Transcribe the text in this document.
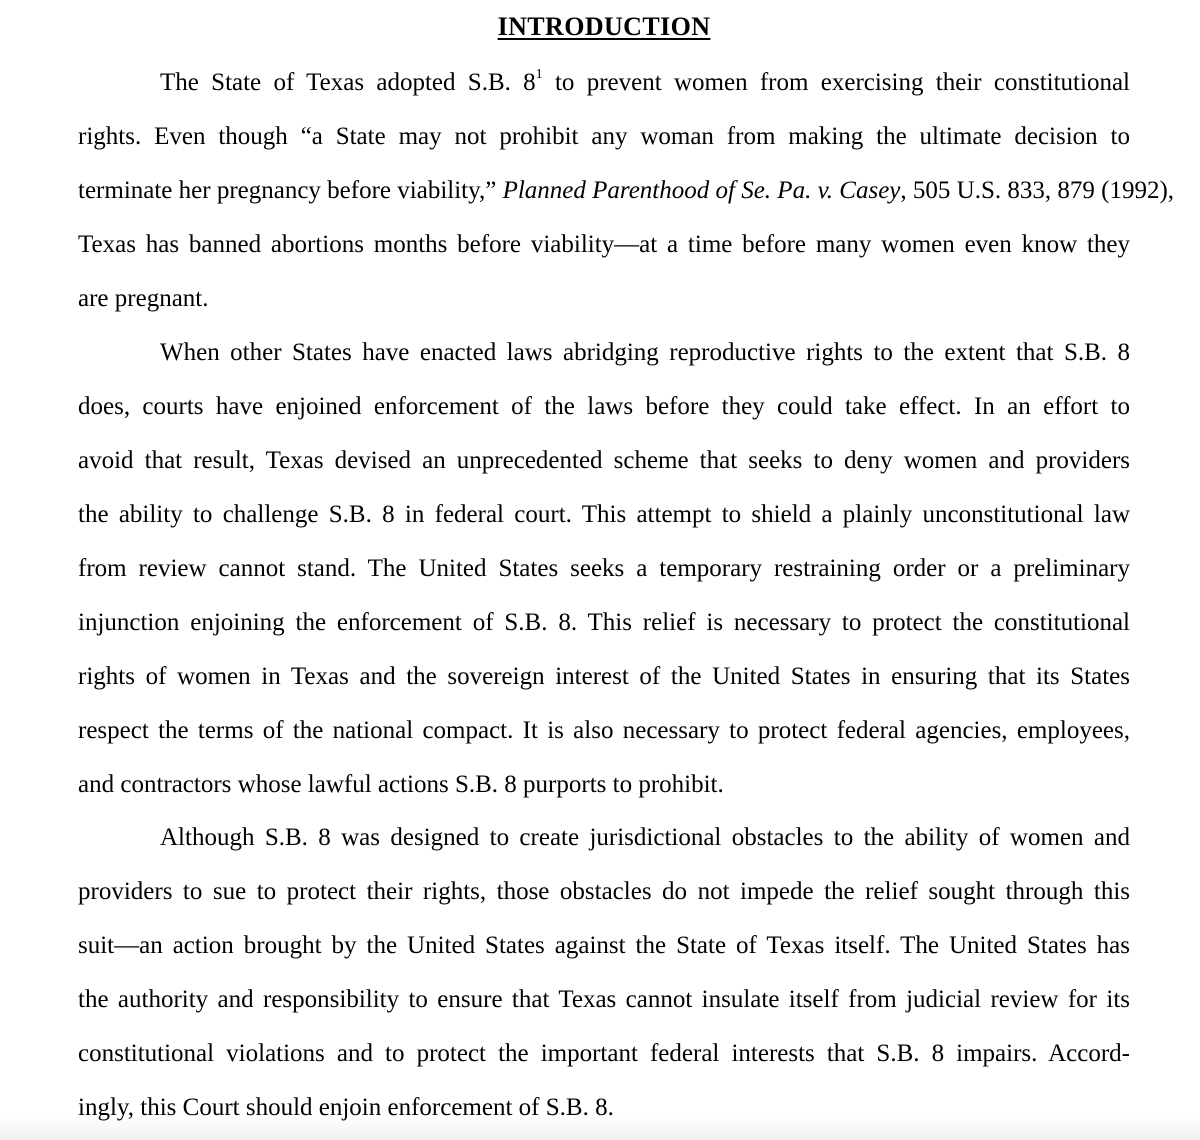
INTRODUCTION
The State of Texas adopted S.B. $8^1$ to prevent women from exercising their constitutional
rights. Even though “a State may not prohibit any woman from making the ultimate decision to
terminate her pregnancy before viability,” Planned Parenthood of Se. Pa. v. Casey, 505 U.S. 833, 879 (1992),
Texas has banned abortions months before viability—at a time before many women even know they
are pregnant.
When other States have enacted laws abridging reproductive rights to the extent that S.B. 8
does, courts have enjoined enforcement of the laws before they could take effect. In an effort to
avoid that result, Texas devised an unprecedented scheme that seeks to deny women and providers
the ability to challenge S.B. 8 in federal court. This attempt to shield a plainly unconstitutional law
from review cannot stand. The United States seeks a temporary restraining order or a preliminary
injunction enjoining the enforcement of S.B. 8. This relief is necessary to protect the constitutional
rights of women in Texas and the sovereign interest of the United States in ensuring that its States
respect the terms of the national compact. It is also necessary to protect federal agencies, employees,
and contractors whose lawful actions S.B. 8 purports to prohibit.
Although S.B. 8 was designed to create jurisdictional obstacles to the ability of women and
providers to sue to protect their rights, those obstacles do not impede the relief sought through this
suit—an action brought by the United States against the State of Texas itself. The United States has
the authority and responsibility to ensure that Texas cannot insulate itself from judicial review for its
constitutional violations and to protect the important federal interests that S.B. 8 impairs. Accord-
ingly, this Court should enjoin enforcement of S.B. 8.
